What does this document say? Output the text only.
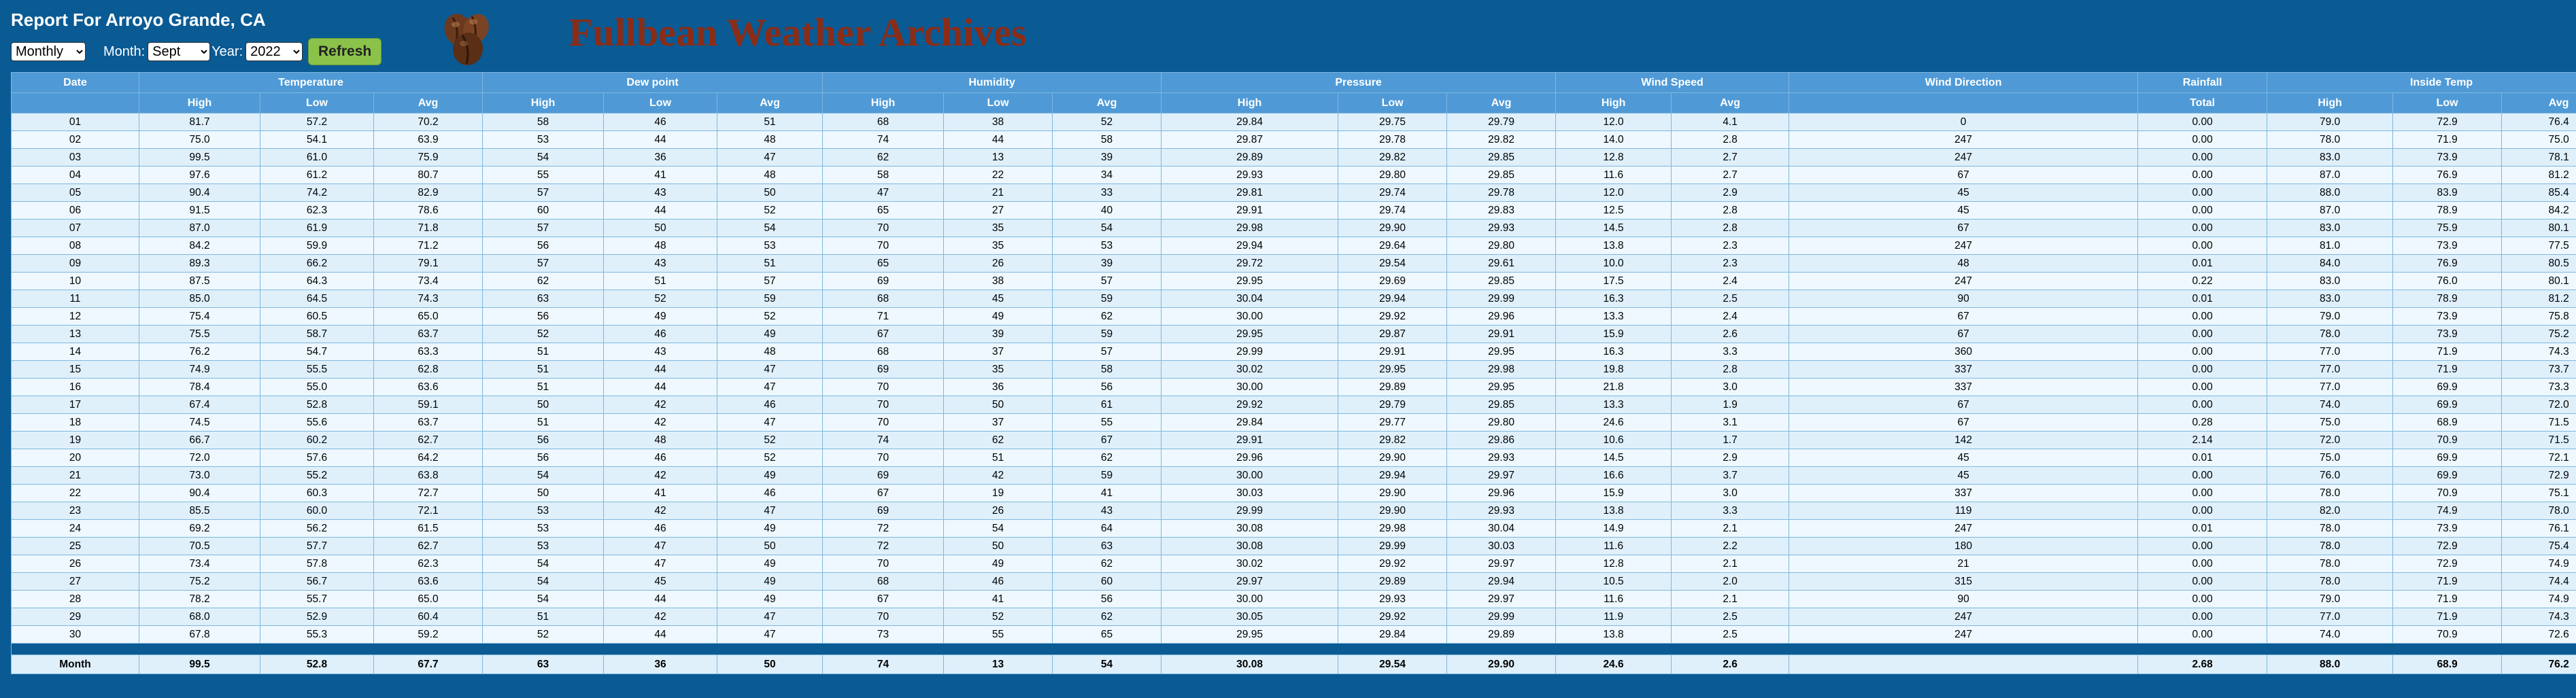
Report For Arroyo Grande, CA
Monthly
Month:
Sept	Year:
2022	Refresh	Fullbean Weather Archives
Date	Temperature			Dew point			Humidity			Pressure			Wind Speed		Wind Direction	Rainfall	Inside Temp		
	High	Low	Avg	High	Low	Avg	High	Low	Avg	High	Low	Avg	High	Avg		Total	High	Low	Avg
01	81.7	57.2	70.2	58	46	51	68	38	52	29.84	29.75	29.79	12.0	4.1	0	0.00	79.0	72.9	76.4
02	75.0	54.1	63.9	53	44	48	74	44	58	29.87	29.78	29.82	14.0	2.8	247	0.00	78.0	71.9	75.0
03	99.5	61.0	75.9	54	36	47	62	13	39	29.89	29.82	29.85	12.8	2.7	247	0.00	83.0	73.9	78.1
04	97.6	61.2	80.7	55	41	48	58	22	34	29.93	29.80	29.85	11.6	2.7	67	0.00	87.0	76.9	81.2
05	90.4	74.2	82.9	57	43	50	47	21	33	29.81	29.74	29.78	12.0	2.9	45	0.00	88.0	83.9	85.4
06	91.5	62.3	78.6	60	44	52	65	27	40	29.91	29.74	29.83	12.5	2.8	45	0.00	87.0	78.9	84.2
07	87.0	61.9	71.8	57	50	54	70	35	54	29.98	29.90	29.93	14.5	2.8	67	0.00	83.0	75.9	80.1
08	84.2	59.9	71.2	56	48	53	70	35	53	29.94	29.64	29.80	13.8	2.3	247	0.00	81.0	73.9	77.5
09	89.3	66.2	79.1	57	43	51	65	26	39	29.72	29.54	29.61	10.0	2.3	48	0.01	84.0	76.9	80.5
10	87.5	64.3	73.4	62	51	57	69	38	57	29.95	29.69	29.85	17.5	2.4	247	0.22	83.0	76.0	80.1
11	85.0	64.5	74.3	63	52	59	68	45	59	30.04	29.94	29.99	16.3	2.5	90	0.01	83.0	78.9	81.2
12	75.4	60.5	65.0	56	49	52	71	49	62	30.00	29.92	29.96	13.3	2.4	67	0.00	79.0	73.9	75.8
13	75.5	58.7	63.7	52	46	49	67	39	59	29.95	29.87	29.91	15.9	2.6	67	0.00	78.0	73.9	75.2
14	76.2	54.7	63.3	51	43	48	68	37	57	29.99	29.91	29.95	16.3	3.3	360	0.00	77.0	71.9	74.3
15	74.9	55.5	62.8	51	44	47	69	35	58	30.02	29.95	29.98	19.8	2.8	337	0.00	77.0	71.9	73.7
16	78.4	55.0	63.6	51	44	47	70	36	56	30.00	29.89	29.95	21.8	3.0	337	0.00	77.0	69.9	73.3
17	67.4	52.8	59.1	50	42	46	70	50	61	29.92	29.79	29.85	13.3	1.9	67	0.00	74.0	69.9	72.0
18	74.5	55.6	63.7	51	42	47	70	37	55	29.84	29.77	29.80	24.6	3.1	67	0.28	75.0	68.9	71.5
19	66.7	60.2	62.7	56	48	52	74	62	67	29.91	29.82	29.86	10.6	1.7	142	2.14	72.0	70.9	71.5
20	72.0	57.6	64.2	56	46	52	70	51	62	29.96	29.90	29.93	14.5	2.9	45	0.01	75.0	69.9	72.1
21	73.0	55.2	63.8	54	42	49	69	42	59	30.00	29.94	29.97	16.6	3.7	45	0.00	76.0	69.9	72.9
22	90.4	60.3	72.7	50	41	46	67	19	41	30.03	29.90	29.96	15.9	3.0	337	0.00	78.0	70.9	75.1
23	85.5	60.0	72.1	53	42	47	69	26	43	29.99	29.90	29.93	13.8	3.3	119	0.00	82.0	74.9	78.0
24	69.2	56.2	61.5	53	46	49	72	54	64	30.08	29.98	30.04	14.9	2.1	247	0.01	78.0	73.9	76.1
25	70.5	57.7	62.7	53	47	50	72	50	63	30.08	29.99	30.03	11.6	2.2	180	0.00	78.0	72.9	75.4
26	73.4	57.8	62.3	54	47	49	70	49	62	30.02	29.92	29.97	12.8	2.1	21	0.00	78.0	72.9	74.9
27	75.2	56.7	63.6	54	45	49	68	46	60	29.97	29.89	29.94	10.5	2.0	315	0.00	78.0	71.9	74.4
28	78.2	55.7	65.0	54	44	49	67	41	56	30.00	29.93	29.97	11.6	2.1	90	0.00	79.0	71.9	74.9
29	68.0	52.9	60.4	51	42	47	70	52	62	30.05	29.92	29.99	11.9	2.5	247	0.00	77.0	71.9	74.3
30	67.8	55.3	59.2	52	44	47	73	55	65	29.95	29.84	29.89	13.8	2.5	247	0.00	74.0	70.9	72.6

Month	99.5	52.8	67.7	63	36	50	74	13	54	30.08	29.54	29.90	24.6	2.6		2.68	88.0	68.9	76.2
